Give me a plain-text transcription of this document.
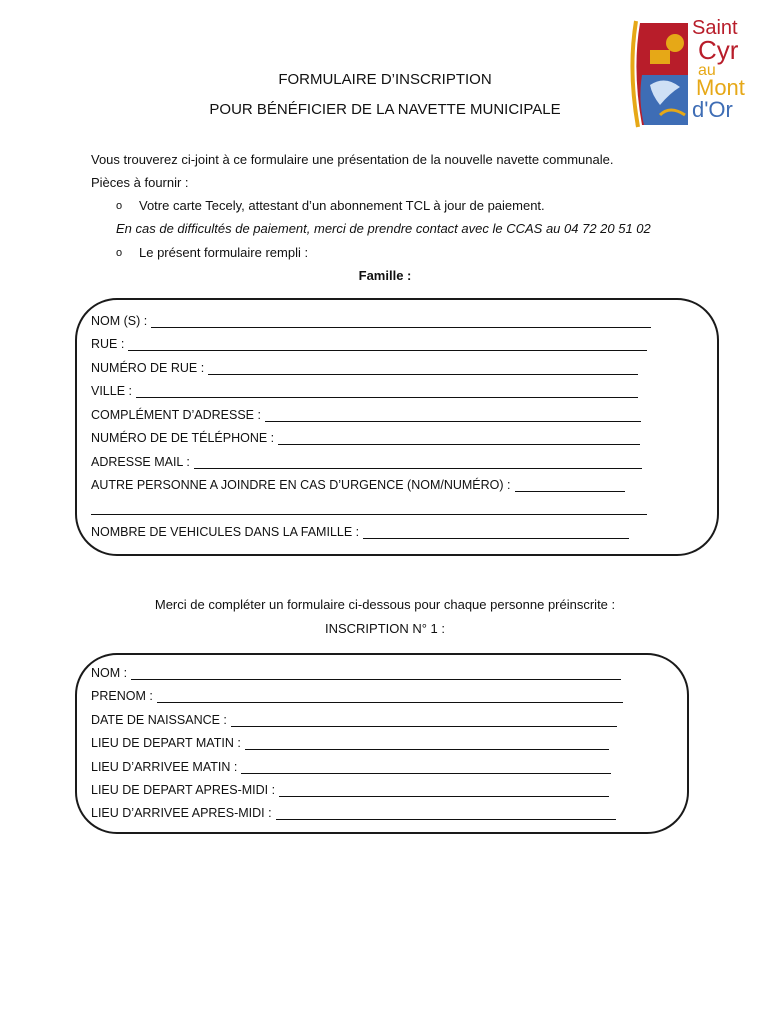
Saint
Cyr
au
Mont
d'Or
FORMULAIRE D’INSCRIPTION
POUR BÉNÉFICIER DE LA NAVETTE MUNICIPALE
Vous trouverez ci-joint à ce formulaire une présentation de la nouvelle navette communale.
Pièces à fournir :
o Votre carte Tecely, attestant d’un abonnement TCL à jour de paiement.
En cas de difficultés de paiement, merci de prendre contact avec le CCAS au 04 72 20 51 02
o Le présent formulaire rempli :
Famille :
NOM (S) :
RUE :
NUMÉRO DE RUE :
VILLE :
COMPLÉMENT D’ADRESSE :
NUMÉRO DE DE TÉLÉPHONE :
ADRESSE MAIL :
AUTRE PERSONNE A JOINDRE EN CAS D’URGENCE (NOM/NUMÉRO) :
NOMBRE DE VEHICULES DANS LA FAMILLE :
Merci de compléter un formulaire ci-dessous pour chaque personne préinscrite :
INSCRIPTION N° 1 :
NOM :
PRENOM :
DATE DE NAISSANCE :
LIEU DE DEPART MATIN :
LIEU D’ARRIVEE MATIN :
LIEU DE DEPART APRES-MIDI :
LIEU D’ARRIVEE APRES-MIDI :
